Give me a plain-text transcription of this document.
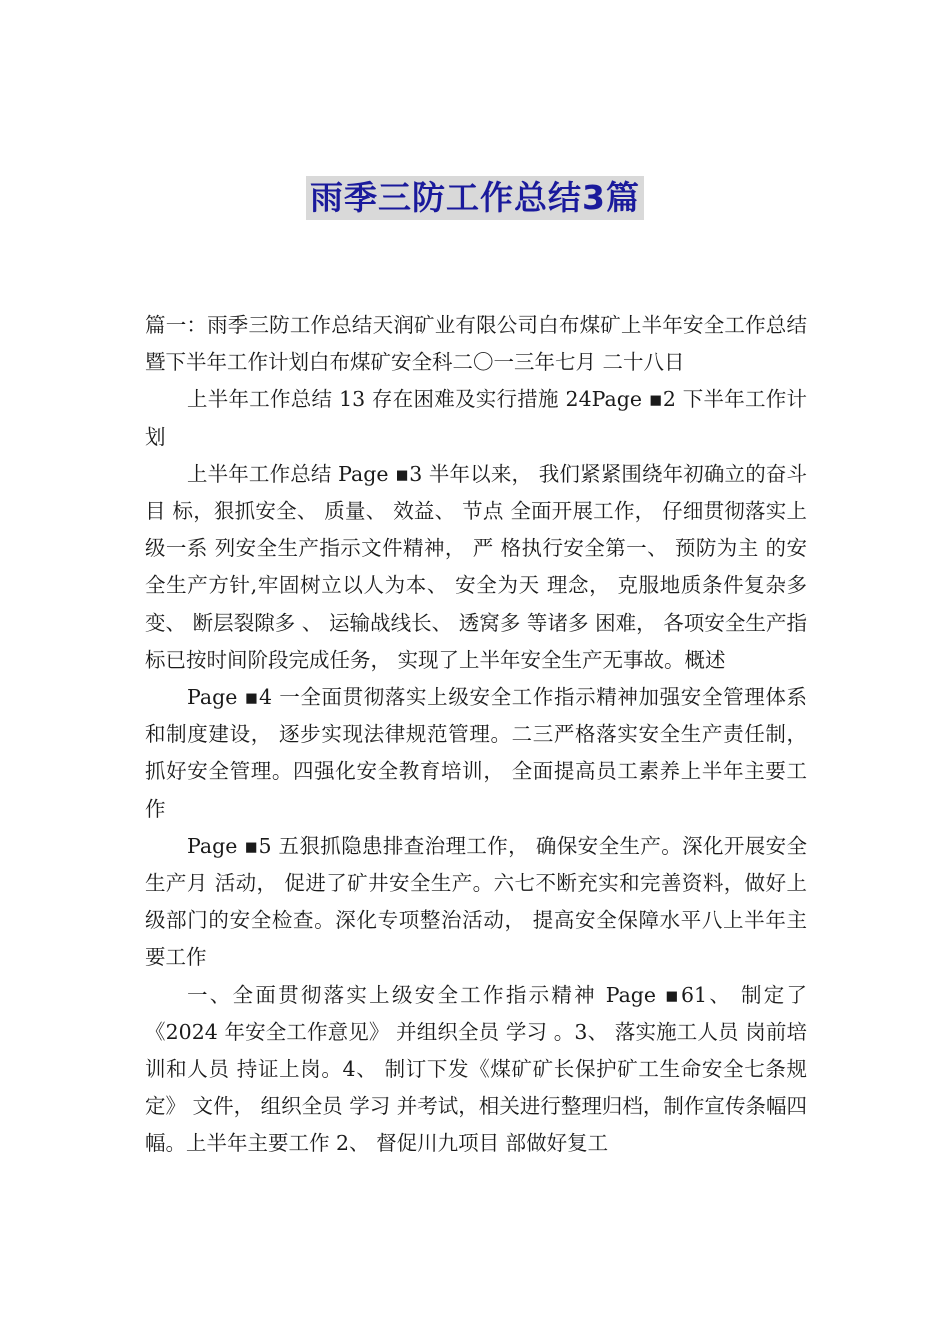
雨季三防工作总结3篇

篇一：雨季三防工作总结天润矿业有限公司白布煤矿上半年安全工作总结暨下半年工作计划白布煤矿安全科二〇一三年七月 二十八日

上半年工作总结 13 存在困难及实行措施 24Page ▪2 下半年工作计划

上半年工作总结 Page ▪3 半年以来， 我们紧紧围绕年初确立的奋斗目 标，狠抓安全、 质量、 效益、 节点 全面开展工作， 仔细贯彻落实上级一系 列安全生产指示文件精神， 严 格执行安全第一、 预防为主 的安全生产方针,牢固树立以人为本、 安全为天 理念， 克服地质条件复杂多 变、 断层裂隙多 、 运输战线长、 透窝多 等诸多 困难， 各项安全生产指标已按时间阶段完成任务， 实现了上半年安全生产无事故。概述

Page ▪4 一全面贯彻落实上级安全工作指示精神加强安全管理体系和制度建设， 逐步实现法律规范管理。二三严格落实安全生产责任制， 抓好安全管理。四强化安全教育培训， 全面提高员工素养上半年主要工作

Page ▪5 五狠抓隐患排查治理工作， 确保安全生产。深化开展安全生产月 活动， 促进了矿井安全生产。六七不断充实和完善资料，做好上级部门的安全检查。深化专项整治活动， 提高安全保障水平八上半年主要工作

一、全面贯彻落实上级安全工作指示精神 Page ▪61、 制定了《2024 年安全工作意见》 并组织全员 学习 。3、 落实施工人员 岗前培训和人员 持证上岗。4、 制订下发《煤矿矿长保护矿工生命安全七条规定》 文件， 组织全员 学习 并考试，相关进行整理归档，制作宣传条幅四幅。上半年主要工作 2、 督促川九项目 部做好复工
